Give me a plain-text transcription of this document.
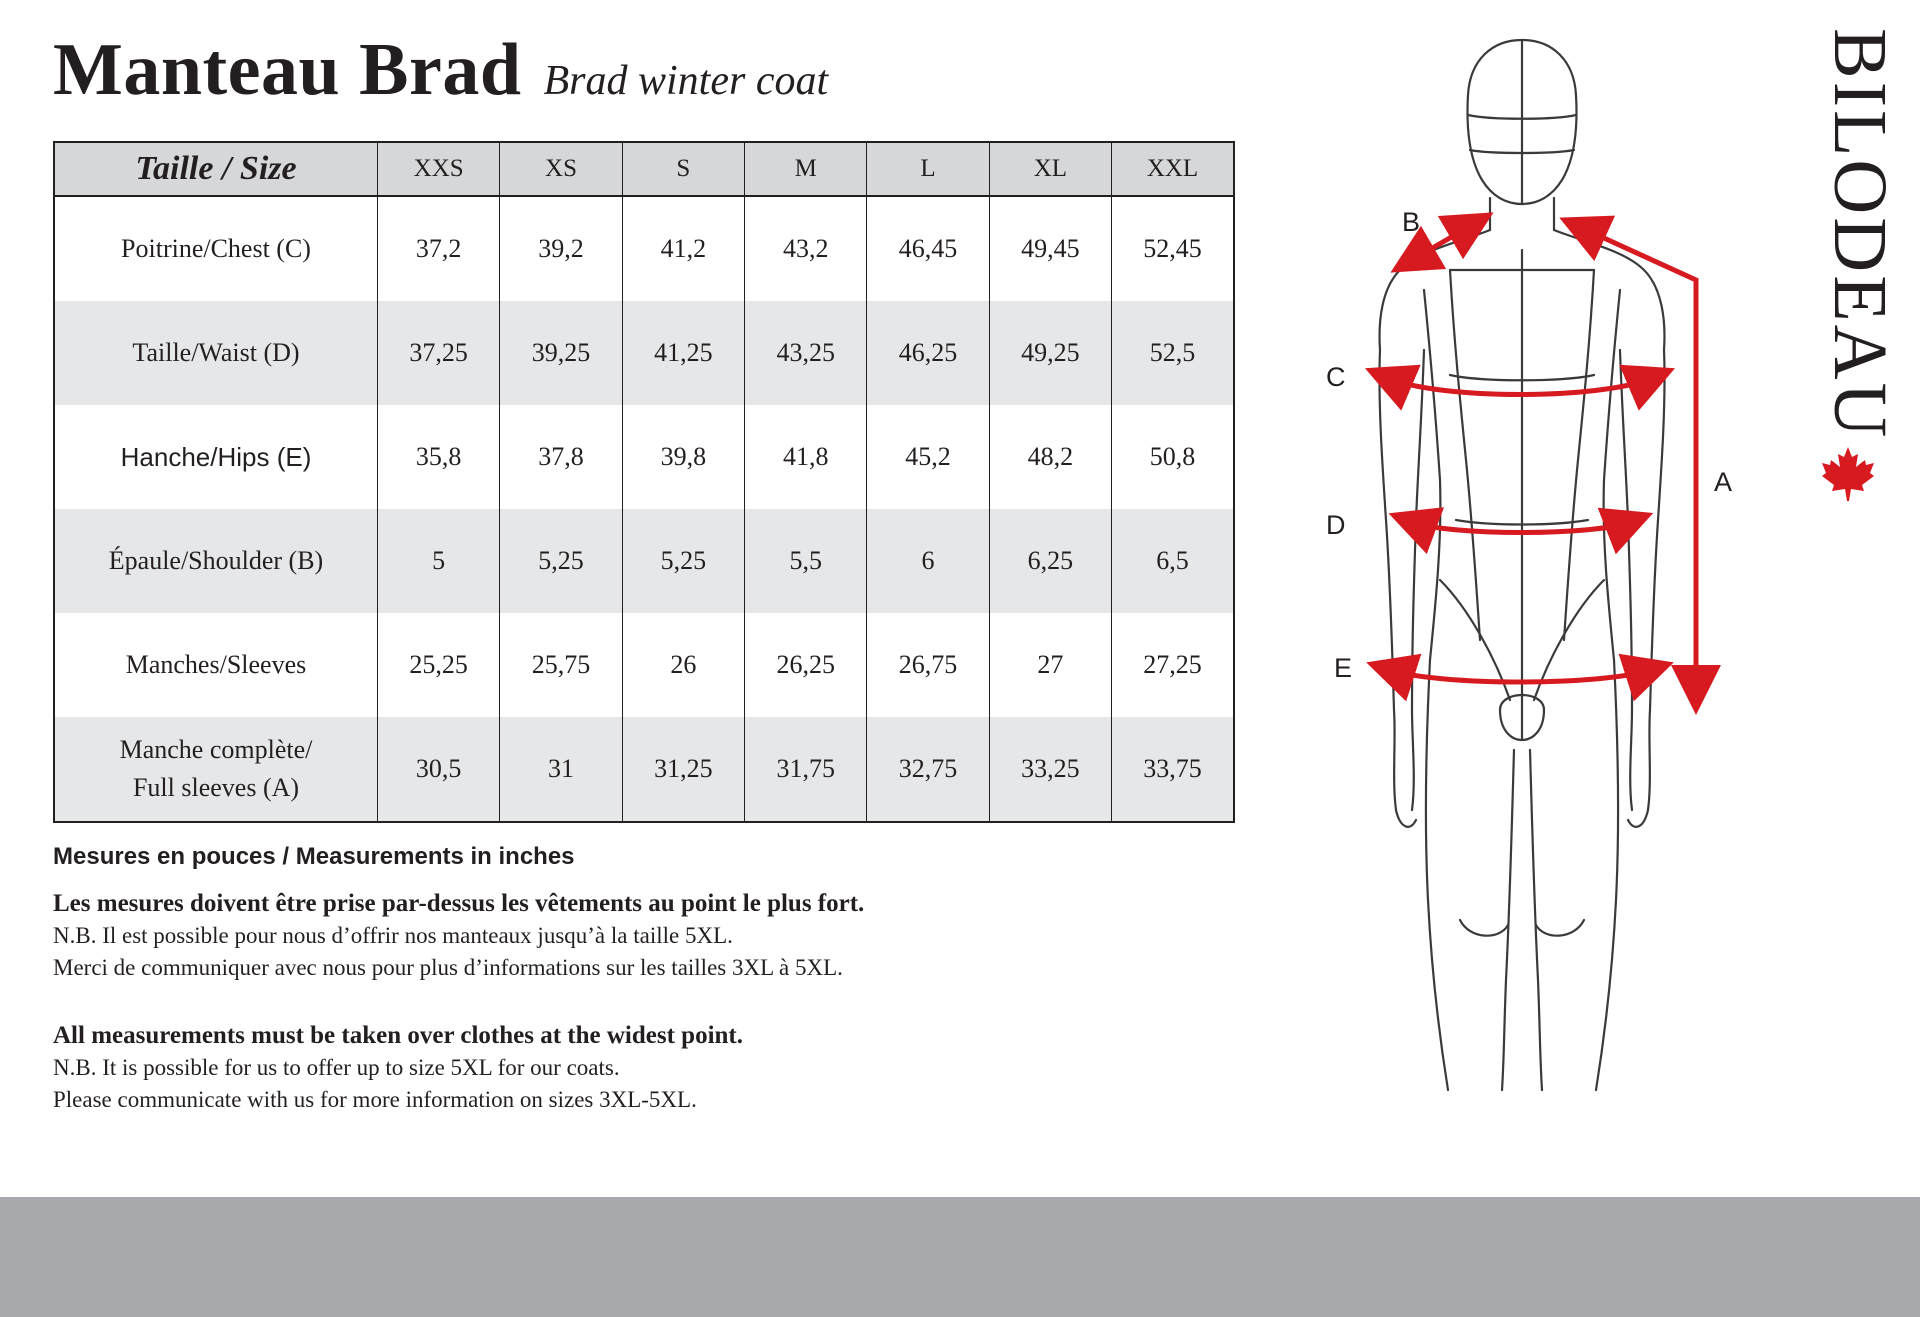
Manteau Brad Brad winter coat
Taille / Size	XXS	XS	S	M	L	XL	XXL
Poitrine/Chest (C)	37,2	39,2	41,2	43,2	46,45	49,45	52,45
Taille/Waist (D)	37,25	39,25	41,25	43,25	46,25	49,25	52,5
Hanche/Hips (E)	35,8	37,8	39,8	41,8	45,2	48,2	50,8
Épaule/Shoulder (B)	5	5,25	5,25	5,5	6	6,25	6,5
Manches/Sleeves	25,25	25,75	26	26,25	26,75	27	27,25

Manche complète/
Full sleeves (A)	30,5	31	31,25	31,75	32,75	33,25	33,75
Mesures en pouces / Measurements in inches
Les mesures doivent être prise par-dessus les vêtements au point le plus fort.
N.B. Il est possible pour nous d’offrir nos manteaux jusqu’à la taille 5XL.
Merci de communiquer avec nous pour plus d’informations sur les tailles 3XL à 5XL.
All measurements must be taken over clothes at the widest point.
N.B. It is possible for us to offer up to size 5XL for our coats.
Please communicate with us for more information on sizes 3XL-5XL.
B
C
D
E
A
BILODEAU
